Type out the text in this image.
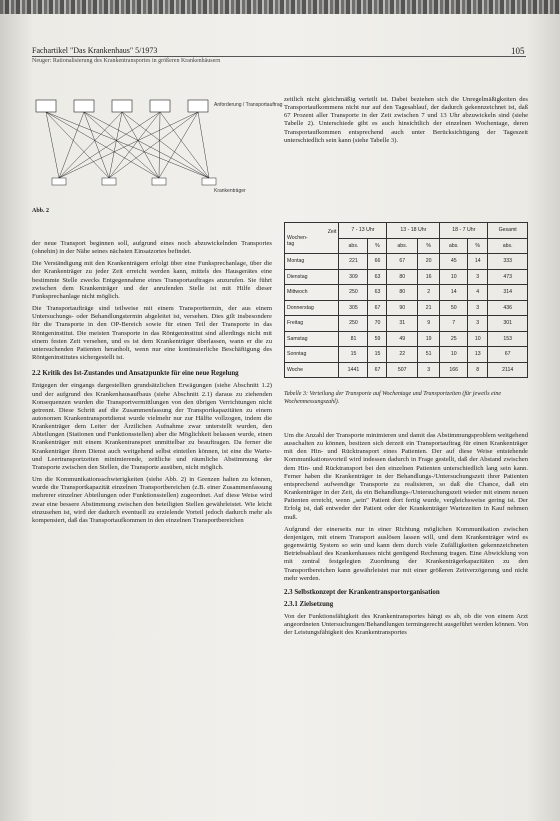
Fachartikel "Das Krankenhaus" 5/1973
Neuger: Rationalisierung des Krankentransportes in größeren Krankenhäusern
105
Anforderung / Transportauftrag
Krankenträger
Abb. 2

der neue Transport beginnen soll, aufgrund eines noch abzuwickelnden Transportes (ohnehin) in der Nähe seines nächsten Einsatzortes befindet.

Die Verständigung mit den Krankenträgern erfolgt über eine Funksprechanlage, über die der Krankenträger zu jeder Zeit erreicht werden kann, mittels des Hausgerätes eine bestimmte Stelle zwecks Entgegennahme eines Transportauftrages anzurufen. Sie führt zwischen dem Krankenträger und der anrufenden Stelle ist mit Hilfe dieser Funksprechanlage nicht möglich.

Die Transportaufträge sind teilweise mit einem Transporttermin, der aus einem Untersuchungs- oder Behandlungstermin abgeleitet ist, versehen. Dies gilt insbesondere für die Transporte in den OP-Bereich sowie für einen Teil der Transporte in das Röntgeninstitut. Die meisten Transporte in das Röntgeninstitut sind allerdings nicht mit einem festen Zeit versehen, und es ist dem Krankenträger überlassen, wann er die zu untersuchenden Patienten heranholt, wenn nur eine kontinuierliche Beschäftigung des Röntgeninstitutes sichergestellt ist.

2.2 Kritik des Ist-Zustandes und Ansatzpunkte für eine neue Regelung

Entgegen der eingangs dargestellten grundsätzlichen Erwägungen (siehe Abschnitt 1.2) und der aufgrund des Krankenhausaufbaus (siehe Abschnitt 2.1) daraus zu ziehenden Konsequenzen wurden die Transportvermittlungen von den übrigen Verrichtungen nicht getrennt. Diese Schritt auf die Zusammenfassung der Transportkapazitäten zu einem autonomen Krankentransportdienst wurde vielmehr nur zur Hälfte vollzogen, indem die Krankenträger dem Leiter der Ärztlichen Aufnahme zwar unterstellt wurden, den Abteilungen (Stationen und Funktionsstellen) aber die Möglichkeit belassen wurde, einen Krankenträger mit einem Krankentransport unmittelbar zu beauftragen. Da ferner die Krankenträger ihren Dienst auch weitgehend selbst einteilen können, ist eine die Warte- und Leertransportzeiten minimierende, zeitliche und räumliche Abstimmung der Transporte zwischen den Stellen, die Transporte ausüben, nicht möglich.

Um die Kommunikationsschwierigkeiten (siehe Abb. 2) in Grenzen halten zu können, wurde die Transportkapazität einzelnen Transportbereichen (z.B. einer Zusammenfassung mehrerer einzelner Abteilungen oder Funktionsstellen) zugeordnet. Auf diese Weise wird zwar eine bessere Abstimmung zwischen den beteiligten Stellen gewährleistet. Wie leicht einzusehen ist, wird der dadurch eventuell zu erzielende Vorteil jedoch dadurch mehr als kompensiert, daß das Transportaufkommen in den einzelnen Transportbereichen

zeitlich nicht gleichmäßig verteilt ist. Dabei beziehen sich die Unregelmäßigkeiten des Transportaufkommens nicht nur auf den Tagesablauf, der dadurch gekennzeichnet ist, daß 67 Prozent aller Transporte in der Zeit zwischen 7 und 13 Uhr abzuwickeln sind (siehe Tabelle 2). Unterschiede gibt es auch hinsichtlich der einzelnen Wochentage, deren Transportaufkommen entsprechend auch unter Berücksichtigung der Tageszeit unterschiedlich sein kann (siehe Tabelle 3).

Zeit
Wochen-
tag	7 - 13 Uhr		13 - 18 Uhr		18 - 7 Uhr		Gesamt
	abs.	%	abs.	%	abs.	%	abs.
Montag	221	66	67	20	45	14	333
Dienstag	309	63	80	16	10	3	473
Mittwoch	250	63	80	2	14	4	314
Donnerstag	305	67	90	21	50	3	436
Freitag	250	70	31	9	7	3	301
Samstag	81	59	49	19	25	10	153
Sonntag	15	15	22	51	10	13	67
Woche	1441	67	507	3	166	8	2114
Tabelle 3: Verteilung der Transporte auf Wochentage und Transportzeiten (für jeweils eine Wochenmessungszahl).

Um die Anzahl der Transporte minimieren und damit das Abstimmungsproblem weitgehend ausschalten zu können, besitzen sich derzeit ein Transportauftrag für einen Krankenträger mit den Hin- und Rücktransport eines Patienten. Der auf diese Weise entstehende Kommunikationsvorteil wird indessen dadurch in Frage gestellt, daß der Abstand zwischen dem Hin- und Rücktransport bei den einzelnen Patienten unterschiedlich lang sein kann. Ferner haben die Krankenträger in der Behandlungs-/Untersuchungszeit ihrer Patienten entsprechend aufwendige Transporte zu realisieren, so daß die Chance, daß ein Krankenträger in der Zeit, da ein Behandlungs-/Untersuchungszeit wieder mit einem neuen Patienten erreicht, wenn „sein" Patient dort fertig wurde, vergleichsweise gering ist. Der Erfolg ist, daß entweder der Patient oder der Krankenträger Wartezeiten in Kauf nehmen muß.

Aufgrund der einerseits nur in einer Richtung möglichen Kommunikation zwischen denjenigen, mit einem Transport auslösen lassen will, und dem Krankenträger wird es gegenwärtig System so sein und kann dem durch viele Zufälligkeiten gekennzeichneten Betriebsablauf des Krankenhauses nicht genügend Rechnung tragen. Eine Abwicklung von mit zentral festgelegten Zuordnung der Krankenträgerkapazitäten zu den Transportbereichen kann gewährleistet nur mit einer größeren Zeitverzögerung und nicht mehr werden.

2.3 Selbstkonzept der Krankentransportorganisation

2.3.1 Zielsetzung

Von der Funktionsfähigkeit des Krankentransportes hängt es ab, ob die von einem Arzt angeordneten Untersuchungen/Behandlungen termingerecht ausgeführt werden können. Von der Leistungsfähigkeit des Krankentransportes
